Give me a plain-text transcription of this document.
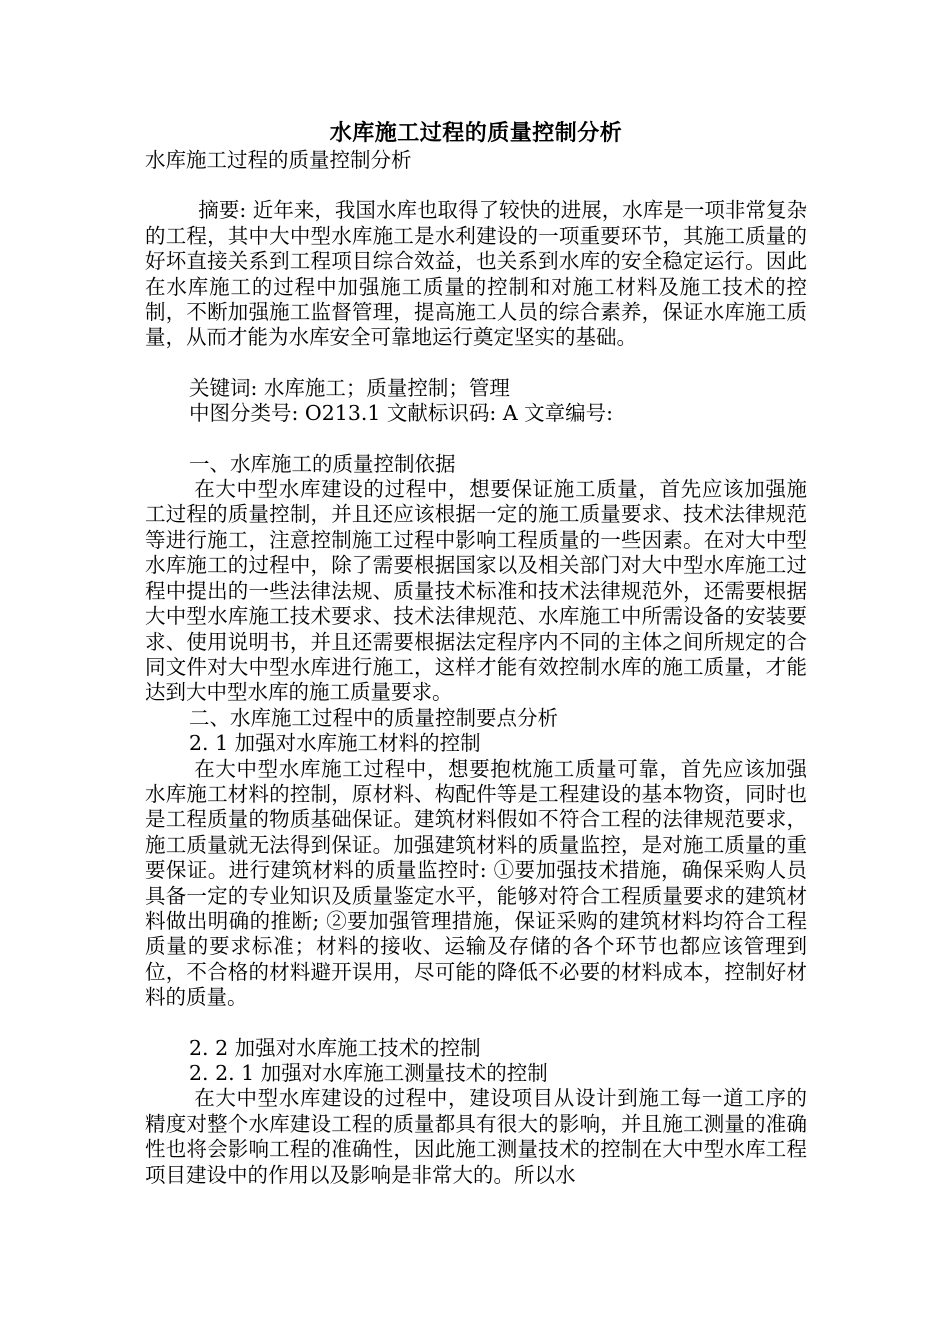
水库施工过程的质量控制分析

水库施工过程的质量控制分析

摘要: 近年来，我国水库也取得了较快的进展，水库是一项非常复杂的工程，其中大中型水库施工是水利建设的一项重要环节，其施工质量的好坏直接关系到工程项目综合效益，也关系到水库的安全稳定运行。因此在水库施工的过程中加强施工质量的控制和对施工材料及施工技术的控制，不断加强施工监督管理，提高施工人员的综合素养，保证水库施工质量，从而才能为水库安全可靠地运行奠定坚实的基础。

关键词: 水库施工；质量控制；管理

中图分类号: O213.1 文献标识码: A 文章编号:

一、水库施工的质量控制依据

在大中型水库建设的过程中，想要保证施工质量，首先应该加强施工过程的质量控制，并且还应该根据一定的施工质量要求、技术法律规范等进行施工，注意控制施工过程中影响工程质量的一些因素。在对大中型水库施工的过程中，除了需要根据国家以及相关部门对大中型水库施工过程中提出的一些法律法规、质量技术标准和技术法律规范外，还需要根据大中型水库施工技术要求、技术法律规范、水库施工中所需设备的安装要求、使用说明书，并且还需要根据法定程序内不同的主体之间所规定的合同文件对大中型水库进行施工，这样才能有效控制水库的施工质量，才能达到大中型水库的施工质量要求。

二、水库施工过程中的质量控制要点分析

2. 1 加强对水库施工材料的控制

在大中型水库施工过程中，想要抱枕施工质量可靠，首先应该加强水库施工材料的控制，原材料、构配件等是工程建设的基本物资，同时也是工程质量的物质基础保证。建筑材料假如不符合工程的法律规范要求，施工质量就无法得到保证。加强建筑材料的质量监控，是对施工质量的重要保证。进行建筑材料的质量监控时: ①要加强技术措施，确保采购人员具备一定的专业知识及质量鉴定水平，能够对符合工程质量要求的建筑材料做出明确的推断; ②要加强管理措施，保证采购的建筑材料均符合工程质量的要求标准；材料的接收、运输及存储的各个环节也都应该管理到位，不合格的材料避开误用，尽可能的降低不必要的材料成本，控制好材料的质量。

2. 2 加强对水库施工技术的控制

2. 2. 1 加强对水库施工测量技术的控制

在大中型水库建设的过程中，建设项目从设计到施工每一道工序的精度对整个水库建设工程的质量都具有很大的影响，并且施工测量的准确性也将会影响工程的准确性，因此施工测量技术的控制在大中型水库工程项目建设中的作用以及影响是非常大的。所以水
